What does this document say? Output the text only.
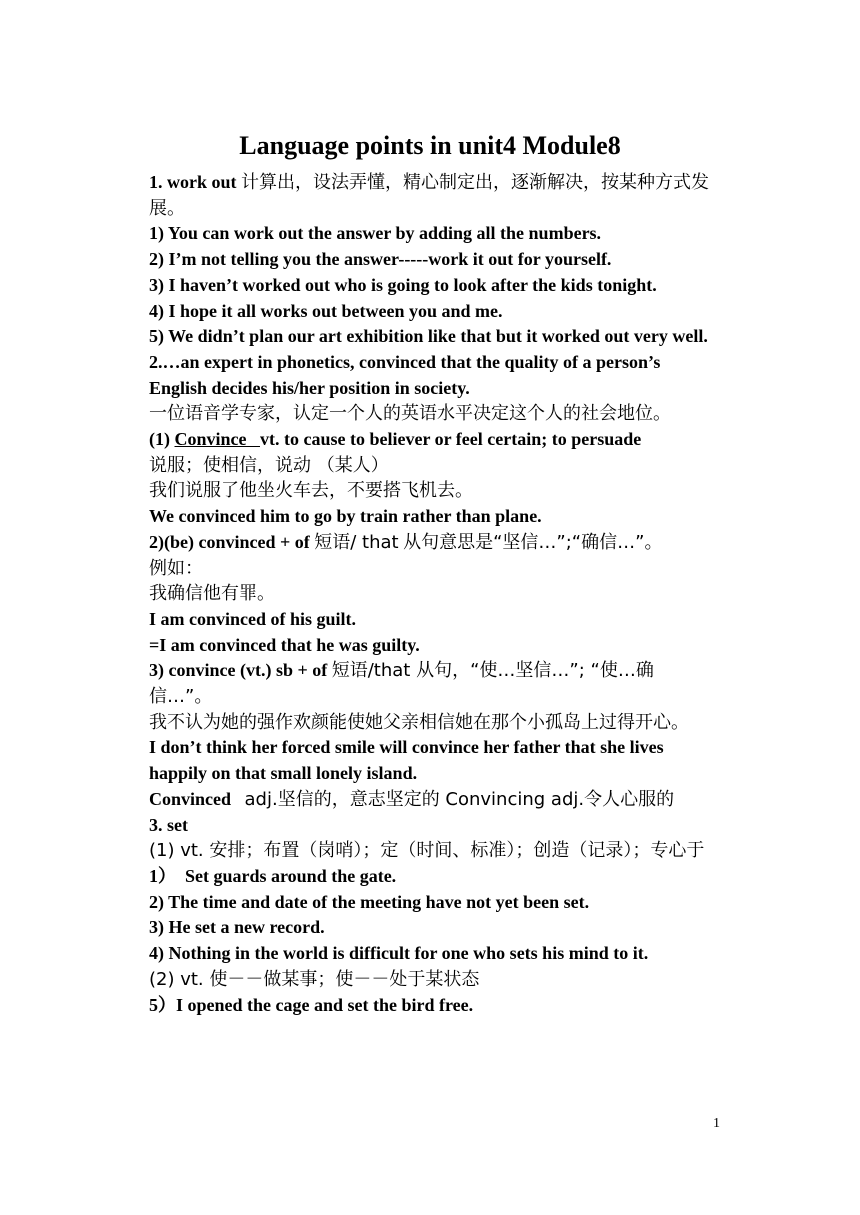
Language points in unit4 Module8
1. work out 计算出，设法弄懂，精心制定出，逐渐解决，按某种方式发展。
1) You can work out the answer by adding all the numbers.
2) I’m not telling you the answer-----work it out for yourself.
3) I haven’t worked out who is going to look after the kids tonight.
4) I hope it all works out between you and me.
5) We didn’t plan our art exhibition like that but it worked out very well.
2.…an expert in phonetics, convinced that the quality of a person’s English decides his/her position in society.
一位语音学专家，认定一个人的英语水平决定这个人的社会地位。
(1) Convince vt. to cause to believer or feel certain; to persuade
说服；使相信，说动 （某人）
我们说服了他坐火车去，不要搭飞机去。
We convinced him to go by train rather than plane.
2)(be) convinced + of 短语/ that 从句意思是“坚信…”;“确信…”。
例如：
我确信他有罪。
I am convinced of his guilt.
=I am convinced that he was guilty.
3) convince (vt.) sb + of 短语/that 从句，“使…坚信…”; “使…确信…”。
我不认为她的强作欢颜能使她父亲相信她在那个小孤岛上过得开心。
I don’t think her forced smile will convince her father that she lives happily on that small lonely island.
Convinced adj.坚信的，意志坚定的 Convincing adj.令人心服的
3. set
(1) vt. 安排；布置（岗哨）；定（时间、标准）；创造（记录）；专心于
1）　Set guards around the gate.
2) The time and date of the meeting have not yet been set.
3) He set a new record.
4) Nothing in the world is difficult for one who sets his mind to it.
(2) vt. 使－－做某事；使－－处于某状态
5）I opened the cage and set the bird free.
1
